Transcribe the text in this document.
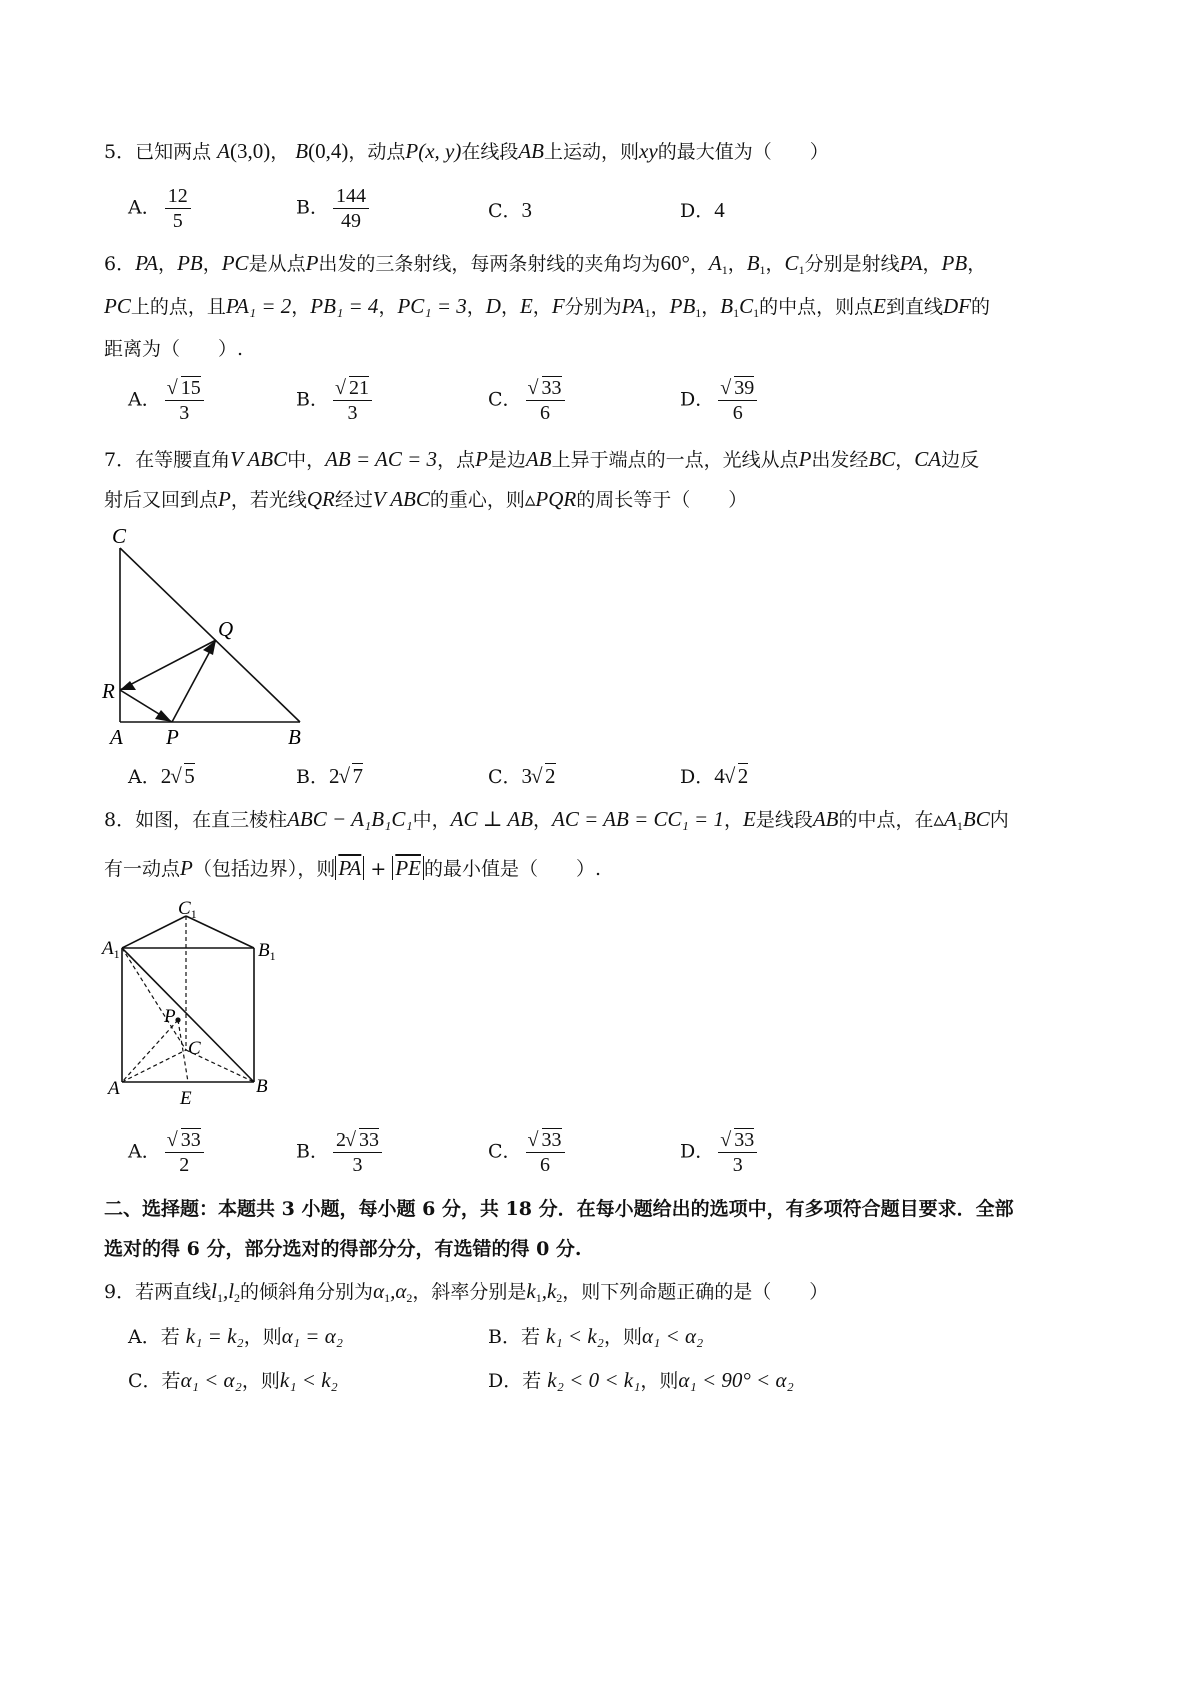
5．已知两点 A(3,0)， B(0,4)，动点P(x, y)在线段AB上运动，则xy的最大值为（　　）
A． $\frac{12}{5}$	B． $\frac{144}{49}$	C．3	D．4
6．PA，PB，PC是从点P出发的三条射线，每两条射线的夹角均为60°，$A_1$，$B_1$，$C_1$分别是射线PA，PB，
PC上的点，且PA₁ = 2，PB₁ = 4，PC₁ = 3，D，E，F分别为$PA_1$，$PB_1$，$B_1C_1$的中点，则点E到直线DF的
距离为（　　）.
A． √ $\frac{15}{3}$	B． √ $\frac{21}{3}$	C． √ $\frac{33}{6}$	D． √ $\frac{39}{6}$
7．在等腰直角V ABC中，AB = AC = 3，点P是边AB上异于端点的一点，光线从点P出发经BC，CA边反
射后又回到点P，若光线QR经过V ABC的重心，则▵PQR的周长等于（　　）
C
Q
R
A P	B
A．2 √ 5	B．2 √ 7	C．3 √ 2	D．4 √ 2
8．如图，在直三棱柱ABC − A₁B₁C₁中，AC ⊥ AB，AC = AB = CC₁ = 1，E是线段AB的中点，在$▵A_1BC$内
有一动点P（包括边界），则 $\overline{PA} + \overline{PE}$ 的最小值是（　　）.
$C_1$
$A_1$	$B_1$
P
C
A	B
E
A． √ $\frac{33}{2}$	B． $\frac{2 √ 33}{3}$	C． √ $\frac{33}{6}$	D． √ $\frac{33}{3}$
二、选择题：本题共 3 小题，每小题 6 分，共 18 分．在每小题给出的选项中，有多项符合题目要求．全部
选对的得 6 分，部分选对的得部分分，有选错的得 0 分.
9．若两直线$l_1,l_2$的倾斜角分别为$\alpha_1,\alpha_2$，斜率分别是$k_1,k_2$，则下列命题正确的是（　　）
A．若 k₁ = k₂，则α₁ = α₂	B．若 k₁ < k₂，则α₁ < α₂
C．若α₁ < α₂，则k₁ < k₂	D．若 k₂ < 0 < k₁，则α₁ < 90° < α₂
